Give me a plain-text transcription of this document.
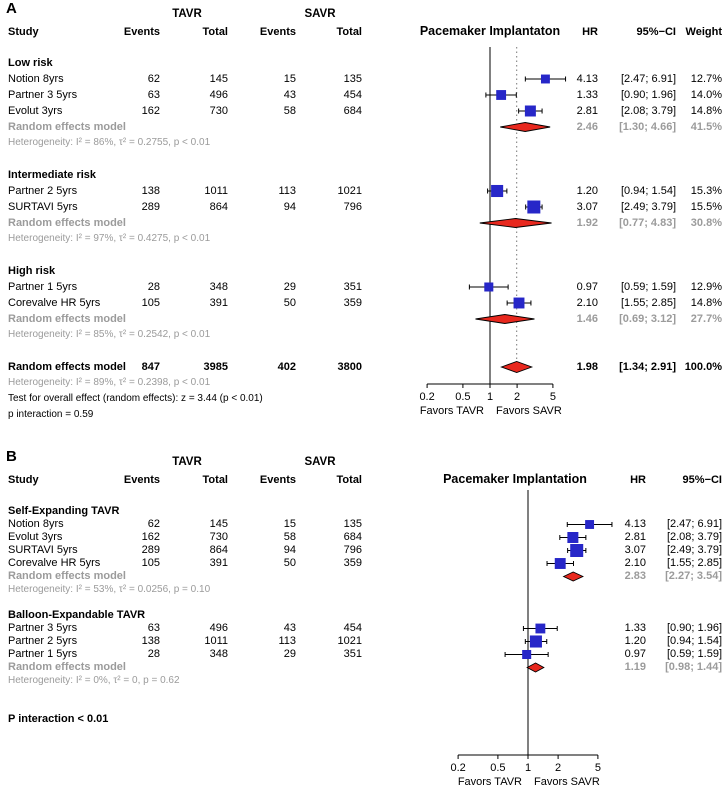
A	TAVR	SAVR
Study	Events	Total	Events	Total	Pacemaker Implantaton	HR	95%−CI Weight
Low risk
Notion 8yrs	62	145	15	135	4.13	[2.47; 6.91]	12.7%
Partner 3 5yrs	63	496	43	454	1.33	[0.90; 1.96]	14.0%
Evolut 3yrs	162	730	58	684	2.81	[2.08; 3.79]	14.8%
Random effects model	2.46	[1.30; 4.66]	41.5%
Heterogeneity: I² = 86%, τ² = 0.2755, p < 0.01
Intermediate risk
Partner 2 5yrs	138	1011	113	1021	1.20	[0.94; 1.54]	15.3%
SURTAVI 5yrs	289	864	94	796	3.07	[2.49; 3.79]	15.5%
Random effects model	1.92	[0.77; 4.83]	30.8%
Heterogeneity: I² = 97%, τ² = 0.4275, p < 0.01
High risk
Partner 1 5yrs	28	348	29	351	0.97	[0.59; 1.59]	12.9%
Corevalve HR 5yrs	105	391	50	359	2.10	[1.55; 2.85]	14.8%
Random effects model	1.46	[0.69; 3.12]	27.7%
Heterogeneity: I² = 85%, τ² = 0.2542, p < 0.01
Random effects model	847	3985	402	3800	1.98	[1.34; 2.91] 100.0%
Heterogeneity: I² = 89%, τ² = 0.2398, p < 0.01
Test for overall effect (random effects): z = 3.44 (p < 0.01)
p interaction = 0.59
0.2 0.5 1 2	5
Favors TAVR Favors SAVR
B	TAVR	SAVR
Study	Events	Total	Events	Total	Pacemaker Implantation	HR	95%−CI
Self-Expanding TAVR
Notion 8yrs	62	145	15	135	4.13	[2.47; 6.91]
Evolut 3yrs	162	730	58	684	2.81	[2.08; 3.79]
SURTAVI 5yrs	289	864	94	796	3.07	[2.49; 3.79]
Corevalve HR 5yrs	105	391	50	359	2.10	[1.55; 2.85]
Random effects model	2.83	[2.27; 3.54]
Heterogeneity: I² = 53%, τ² = 0.0256, p = 0.10
Balloon-Expandable TAVR
Partner 3 5yrs	63	496	43	454	1.33	[0.90; 1.96]
Partner 2 5yrs	138	1011	113	1021	1.20	[0.94; 1.54]
Partner 1 5yrs	28	348	29	351	0.97	[0.59; 1.59]
Random effects model	1.19	[0.98; 1.44]
Heterogeneity: I² = 0%, τ² = 0, p = 0.62
P interaction < 0.01
0.2 0.5 1 2	5
Favors TAVR Favors SAVR
